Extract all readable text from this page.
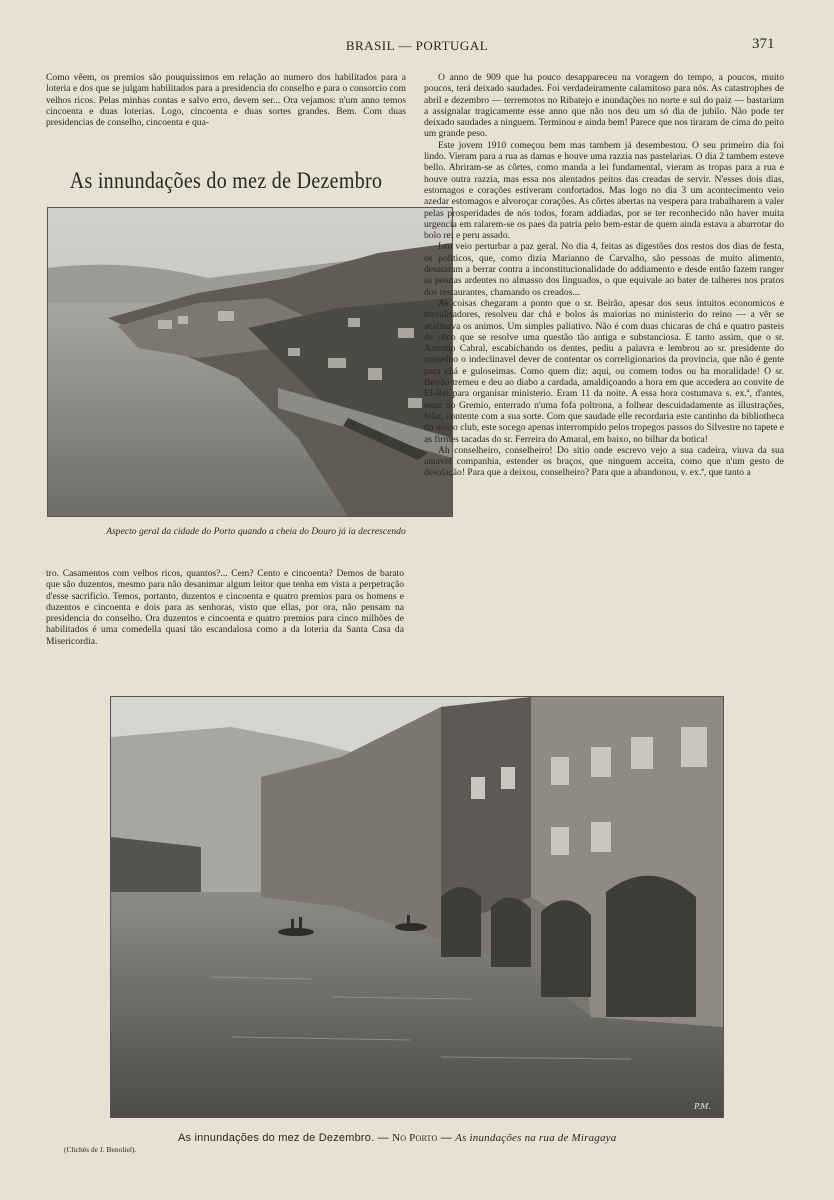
BRASIL — PORTUGAL	371

Como vêem, os premios são pouquissimos em relação ao numero dos habilitados para a loteria e dos que se julgam habilitados para a presidencia do conselho e para o consorcio com velhos ricos. Pelas minhas contas e salvo erro, devem ser... Ora vejamos: n'um anno temos cincoenta e duas loterias. Logo, cincoenta e duas sortes grandes. Bem. Com duas presidencias de conselho, cincoenta e qua-

As innundações do mez de Dezembro
Aspecto geral da cidade do Porto quando a cheia do Douro já ia decrescendo

tro. Casamentos com velhos ricos, quantos?... Cem? Cento e cincoenta? Demos de barato que são duzentos, mesmo para não desanimar algum leitor que tenha em vista a perpetração d'esse sacrificio. Temos, portanto, duzentos e cincoenta e quatro premios para os homens e duzentos e cincoenta e dois para as senhoras, visto que ellas, por ora, não pensam na presidencia do conselho. Ora duzentos e cincoenta e quatro premios para cinco milhões de habilitados é uma comedella quasi tão escandalosa como a da loteria da Santa Casa da Misericordia.

O anno de 909 que ha pouco desappareceu na voragem do tempo, a poucos, muito poucos, terá deixado saudades. Foi verdadeiramente calamitoso para nós. As catastrophes de abril e dezembro — terremotos no Ribatejo e inundações no norte e sul do paiz — bastariam a assignalar tragicamente esse anno que não nos deu um só dia de jubilo. Não pode ter deixado saudades a ninguem. Terminou e ainda bem! Parece que nos tiraram de cima do peito um grande peso.

Este jovem 1910 começou bem mas tambem já desembestou. O seu primeiro dia foi lindo. Vieram para a rua as damas e houve uma razzia nas pastelarias. O dia 2 tambem esteve bello. Abriram-se as côrtes, como manda a lei fundamental, vieram as tropas para a rua e houve outra razzia, mas essa nos alentados peitos das creadas de servir. N'esses dois dias, estomagos e corações estiveram confortados. Mas logo no dia 3 um acontecimento veio azedar estomagos e alvoroçar corações. As côrtes abertas na vespera para trabalharem a valer pelas prosperidades de nós todos, foram addiadas, por se ter reconhecido não haver muita urgencia em ralarem-se os paes da patria pelo bem-estar de quem ainda estava a abarrotar do bolo rei e peru assado.

Isto veio perturbar a paz geral. No dia 4, feitas as digestões dos restos dos dias de festa, os politicos, que, como dizia Marianno de Carvalho, são pessoas de muito alimento, desataram a berrar contra a inconstitucionalidade do addiamento e desde então fazem ranger as pennas ardentes no almasso dos linguados, o que equivale ao bater de talheres nos pratos dos restaurantes, chamando os creados...

As coisas chegaram a ponto que o sr. Beirão, apesar dos seus intuitos economicos e moralisadores, resolveu dar chá e bolos ás maiorias no ministerio do reino — a vêr se acalmava os animos. Um simples paliativo. Não é com duas chicaras de chá e quatro pasteis de côco que se resolve uma questão tão antiga e substanciosa. E tanto assim, que o sr. Antonio Cabral, escabichando os dentes, pediu a palavra e lembrou ao sr. presidente do conselho o indeclinavel dever de contentar os correligionarios da provincia, que não é gente para chá e guloseimas. Como quem diz: aqui, ou comem todos ou ha moralidade! O sr. Beirão tremeu e deu ao diabo a cardada, amaldiçoando a hora em que accedera ao convite de El-Rei para organisar ministerio. Eram 11 da noite. A essa hora costumava s. ex.ª, d'antes, estar no Gremio, enterrado n'uma fofa poltrona, a folhear descuidadamente as illustrações, feliz, contente com a sua sorte. Com que saudade elle recordaria este cantinho da bibliotheca do nosso club, este socego apenas interrompido pelos tropegos passos do Silvestre no tapete e as firmes tacadas do sr. Ferreira do Amaral, em baixo, no bilhar da botica!

Ah conselheiro, conselheiro! Do sitio onde escrevo vejo a sua cadeira, viuva da sua amavel companhia, estender os braços, que ninguem acceita, como que n'um gesto de desolação! Para que a deixou, conselheiro? Para que a abandonou, v. ex.ª, que tanto a

P.M.
(Clichés de J. Benoliel).
As innundações do mez de Dezembro. — No Porto — As inundações na rua de Miragaya
